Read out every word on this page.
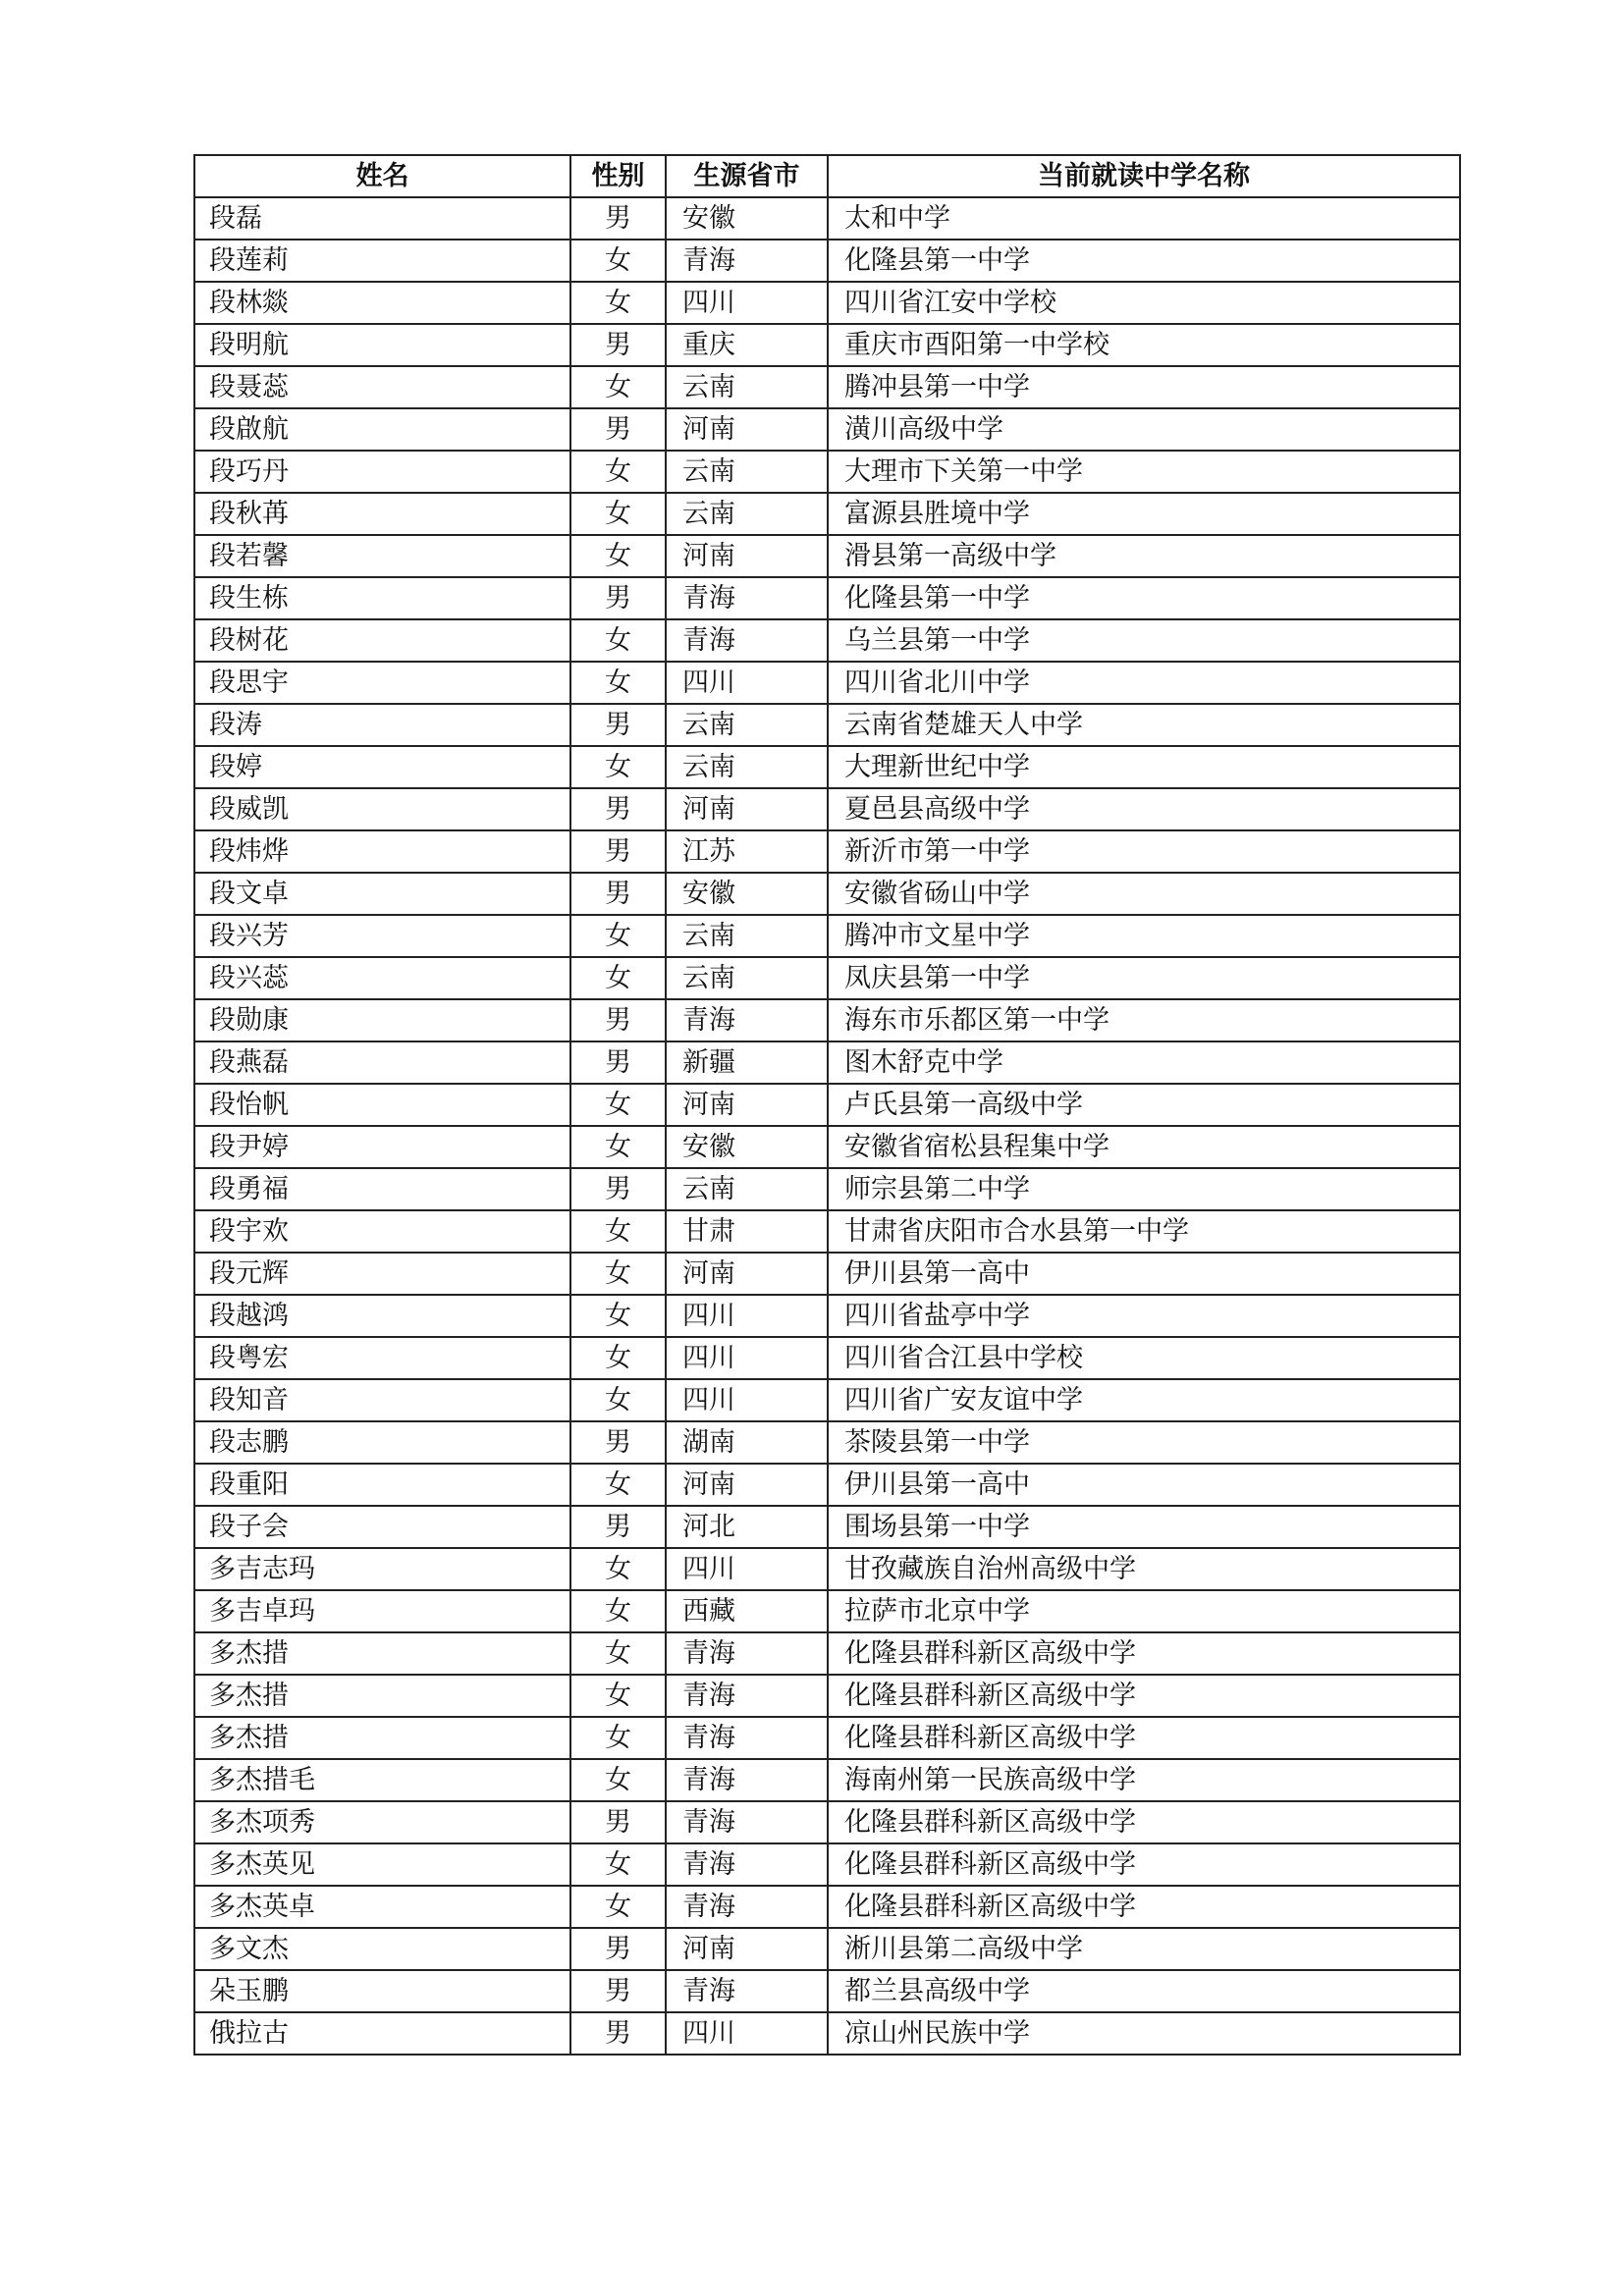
姓名	性别	生源省市	当前就读中学名称
段磊	男	安徽	太和中学
段莲莉	女	青海	化隆县第一中学
段林燚	女	四川	四川省江安中学校
段明航	男	重庆	重庆市酉阳第一中学校
段聂蕊	女	云南	腾冲县第一中学
段啟航	男	河南	潢川高级中学
段巧丹	女	云南	大理市下关第一中学
段秋苒	女	云南	富源县胜境中学
段若馨	女	河南	滑县第一高级中学
段生栋	男	青海	化隆县第一中学
段树花	女	青海	乌兰县第一中学
段思宇	女	四川	四川省北川中学
段涛	男	云南	云南省楚雄天人中学
段婷	女	云南	大理新世纪中学
段威凯	男	河南	夏邑县高级中学
段炜烨	男	江苏	新沂市第一中学
段文卓	男	安徽	安徽省砀山中学
段兴芳	女	云南	腾冲市文星中学
段兴蕊	女	云南	凤庆县第一中学
段勋康	男	青海	海东市乐都区第一中学
段燕磊	男	新疆	图木舒克中学
段怡帆	女	河南	卢氏县第一高级中学
段尹婷	女	安徽	安徽省宿松县程集中学
段勇福	男	云南	师宗县第二中学
段宇欢	女	甘肃	甘肃省庆阳市合水县第一中学
段元辉	女	河南	伊川县第一高中
段越鸿	女	四川	四川省盐亭中学
段粤宏	女	四川	四川省合江县中学校
段知音	女	四川	四川省广安友谊中学
段志鹏	男	湖南	茶陵县第一中学
段重阳	女	河南	伊川县第一高中
段子会	男	河北	围场县第一中学
多吉志玛	女	四川	甘孜藏族自治州高级中学
多吉卓玛	女	西藏	拉萨市北京中学
多杰措	女	青海	化隆县群科新区高级中学
多杰措	女	青海	化隆县群科新区高级中学
多杰措	女	青海	化隆县群科新区高级中学
多杰措毛	女	青海	海南州第一民族高级中学
多杰项秀	男	青海	化隆县群科新区高级中学
多杰英见	女	青海	化隆县群科新区高级中学
多杰英卓	女	青海	化隆县群科新区高级中学
多文杰	男	河南	淅川县第二高级中学
朵玉鹏	男	青海	都兰县高级中学
俄拉古	男	四川	凉山州民族中学
